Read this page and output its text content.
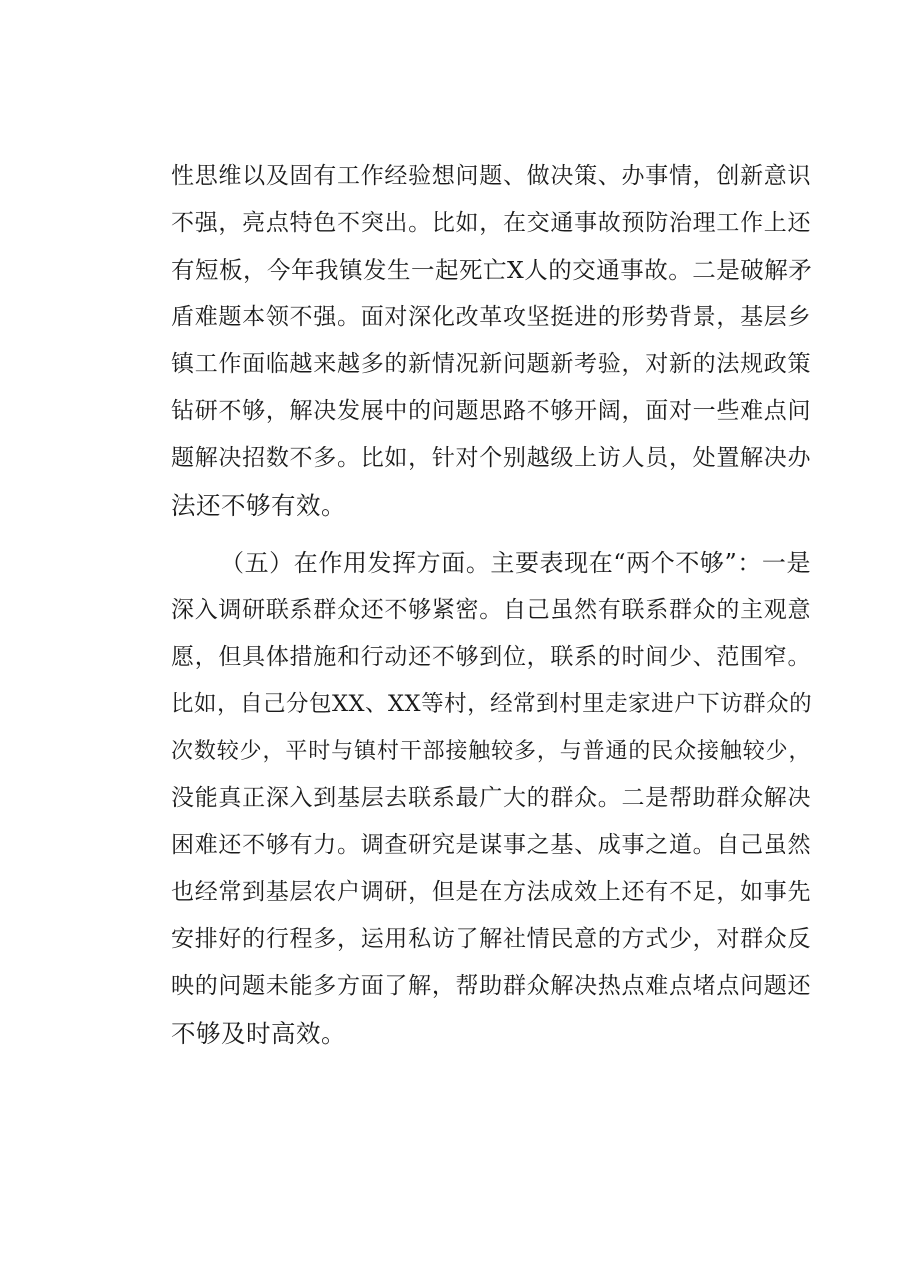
性思维以及固有工作经验想问题、做决策、办事情，创新意识
不强，亮点特色不突出。比如，在交通事故预防治理工作上还
有短板，今年我镇发生一起死亡X人的交通事故。二是破解矛
盾难题本领不强。面对深化改革攻坚挺进的形势背景，基层乡
镇工作面临越来越多的新情况新问题新考验，对新的法规政策
钻研不够，解决发展中的问题思路不够开阔，面对一些难点问
题解决招数不多。比如，针对个别越级上访人员，处置解决办
法还不够有效。
（五）在作用发挥方面。主要表现在“两个不够”：一是
深入调研联系群众还不够紧密。自己虽然有联系群众的主观意
愿，但具体措施和行动还不够到位，联系的时间少、范围窄。
比如，自己分包XX、XX等村，经常到村里走家进户下访群众的
次数较少，平时与镇村干部接触较多，与普通的民众接触较少，
没能真正深入到基层去联系最广大的群众。二是帮助群众解决
困难还不够有力。调查研究是谋事之基、成事之道。自己虽然
也经常到基层农户调研，但是在方法成效上还有不足，如事先
安排好的行程多，运用私访了解社情民意的方式少，对群众反
映的问题未能多方面了解，帮助群众解决热点难点堵点问题还
不够及时高效。
